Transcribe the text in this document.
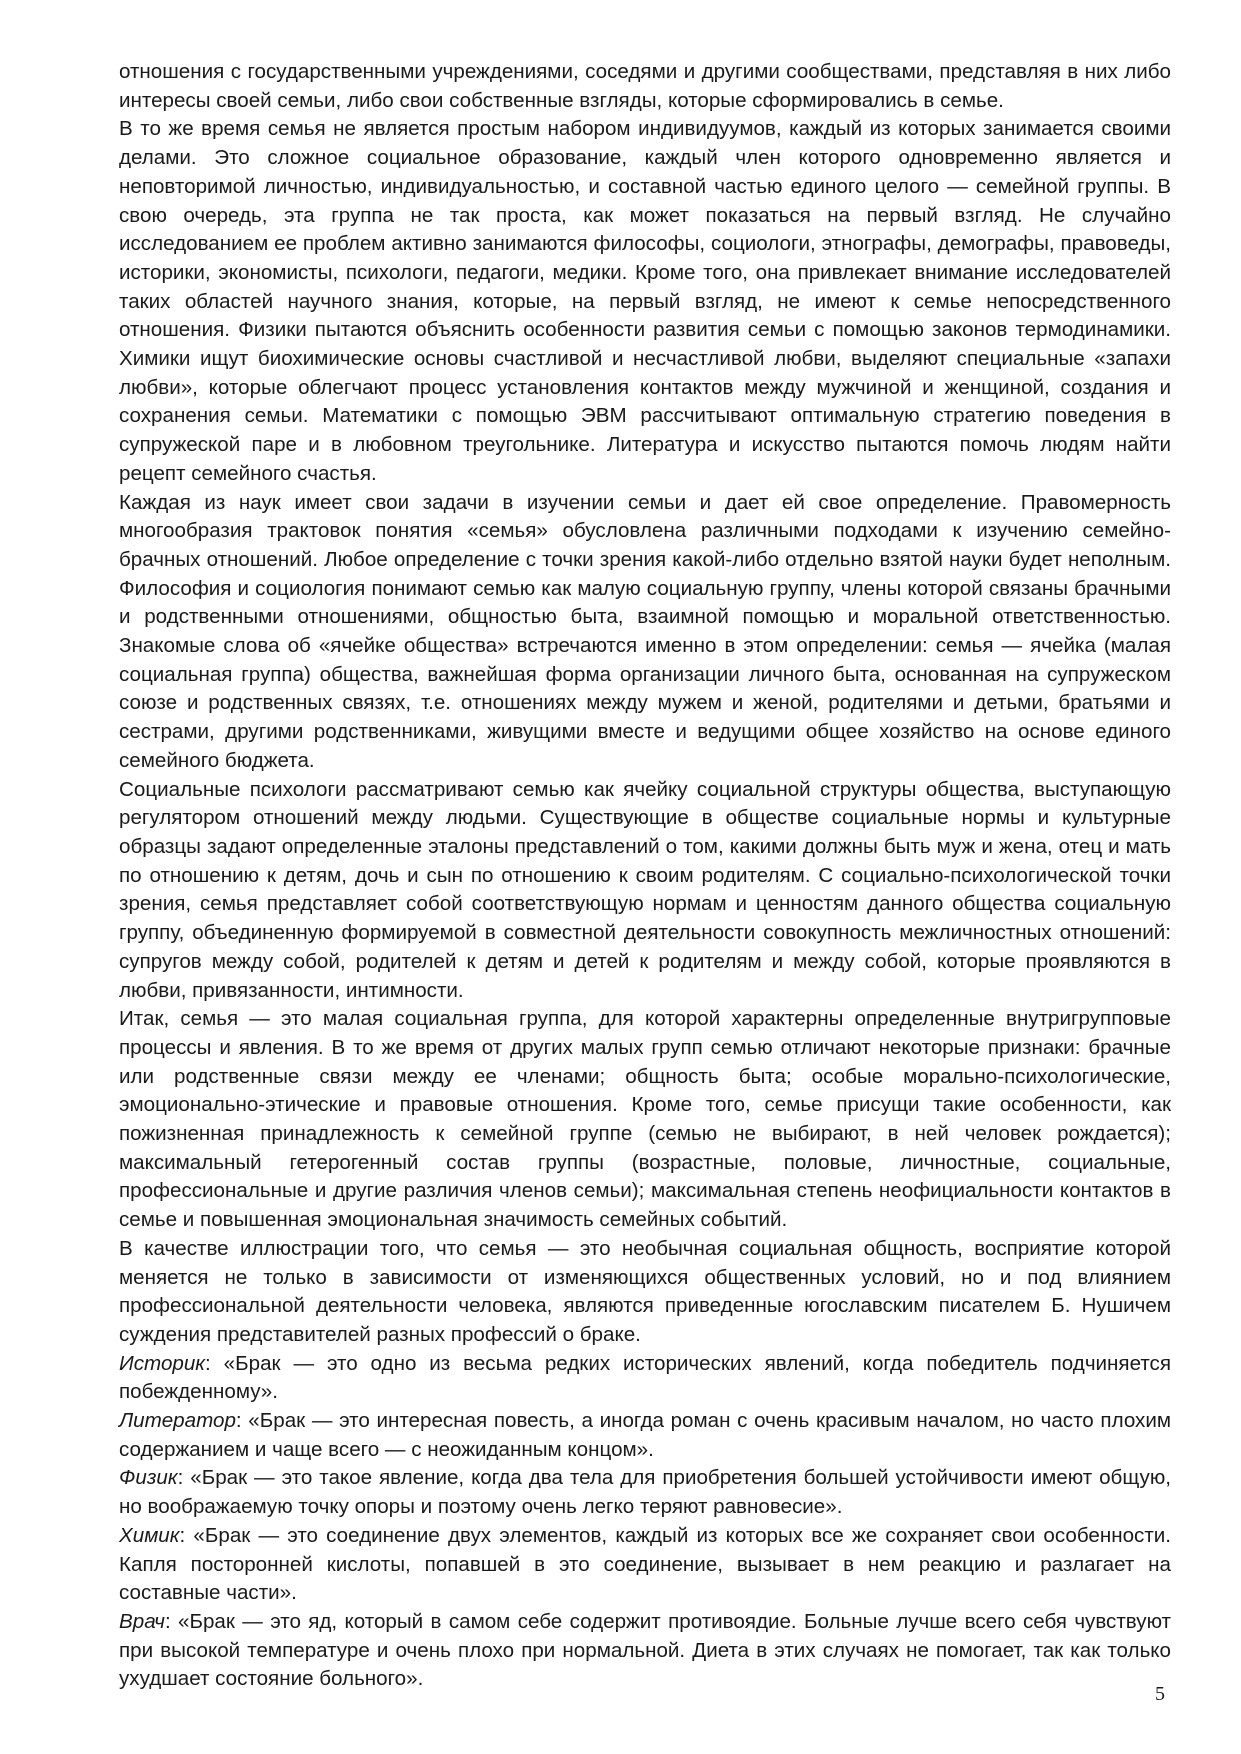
отношения с государственными учреждениями, соседями и другими сообществами, представляя в них либо интересы своей семьи, либо свои собственные взгляды, которые сформировались в семье.

В то же время семья не является простым набором индивидуумов, каждый из которых занимается своими делами. Это сложное социальное образование, каждый член которого одновременно является и неповторимой личностью, индивидуальностью, и составной частью единого целого — семейной группы. В свою очередь, эта группа не так проста, как может показаться на первый взгляд. Не случайно исследованием ее проблем активно занимаются философы, социологи, этнографы, демографы, правоведы, историки, экономисты, психологи, педагоги, медики. Кроме того, она привлекает внимание исследователей таких областей научного знания, которые, на первый взгляд, не имеют к семье непосредственного отношения. Физики пытаются объяснить особенности развития семьи с помощью законов термодинамики. Химики ищут биохимические основы счастливой и несчастливой любви, выделяют специальные «запахи любви», которые облегчают процесс установления контактов между мужчиной и женщиной, создания и сохранения семьи. Математики с помощью ЭВМ рассчитывают оптимальную стратегию поведения в супружеской паре и в любовном треугольнике. Литература и искусство пытаются помочь людям найти рецепт семейного счастья.

Каждая из наук имеет свои задачи в изучении семьи и дает ей свое определение. Правомерность многообразия трактовок понятия «семья» обусловлена различными подходами к изучению семейно-брачных отношений. Любое определение с точки зрения какой-либо отдельно взятой науки будет неполным. Философия и социология понимают семью как малую социальную группу, члены которой связаны брачными и родственными отношениями, общностью быта, взаимной помощью и моральной ответственностью. Знакомые слова об «ячейке общества» встречаются именно в этом определении: семья — ячейка (малая социальная группа) общества, важнейшая форма организации личного быта, основанная на супружеском союзе и родственных связях, т.е. отношениях между мужем и женой, родителями и детьми, братьями и сестрами, другими родственниками, живущими вместе и ведущими общее хозяйство на основе единого семейного бюджета.

Социальные психологи рассматривают семью как ячейку социальной структуры общества, выступающую регулятором отношений между людьми. Существующие в обществе социальные нормы и культурные образцы задают определенные эталоны представлений о том, какими должны быть муж и жена, отец и мать по отношению к детям, дочь и сын по отношению к своим родителям. С социально-психологической точки зрения, семья представляет собой соответствующую нормам и ценностям данного общества социальную группу, объединенную формируемой в совместной деятельности совокупность межличностных отношений: супругов между собой, родителей к детям и детей к родителям и между собой, которые проявляются в любви, привязанности, интимности.

Итак, семья — это малая социальная группа, для которой характерны определенные внутригрупповые процессы и явления. В то же время от других малых групп семью отличают некоторые признаки: брачные или родственные связи между ее членами; общность быта; особые морально-психологические, эмоционально-этические и правовые отношения. Кроме того, семье присущи такие особенности, как пожизненная принадлежность к семейной группе (семью не выбирают, в ней человек рождается); максимальный гетерогенный состав группы (возрастные, половые, личностные, социальные, профессиональные и другие различия членов семьи); максимальная степень неофициальности контактов в семье и повышенная эмоциональная значимость семейных событий.

В качестве иллюстрации того, что семья — это необычная социальная общность, восприятие которой меняется не только в зависимости от изменяющихся общественных условий, но и под влиянием профессиональной деятельности человека, являются приведенные югославским писателем Б. Нушичем суждения представителей разных профессий о браке.

Историк: «Брак — это одно из весьма редких исторических явлений, когда победитель подчиняется побежденному».

Литератор: «Брак — это интересная повесть, а иногда роман с очень красивым началом, но часто плохим содержанием и чаще всего — с неожиданным концом».

Физик: «Брак — это такое явление, когда два тела для приобретения большей устойчивости имеют общую, но воображаемую точку опоры и поэтому очень легко теряют равновесие».

Химик: «Брак — это соединение двух элементов, каждый из которых все же сохраняет свои особенности. Капля посторонней кислоты, попавшей в это соединение, вызывает в нем реакцию и разлагает на составные части».

Врач: «Брак — это яд, который в самом себе содержит противоядие. Больные лучше всего себя чувствуют при высокой температуре и очень плохо при нормальной. Диета в этих случаях не помогает, так как только ухудшает состояние больного».

5
